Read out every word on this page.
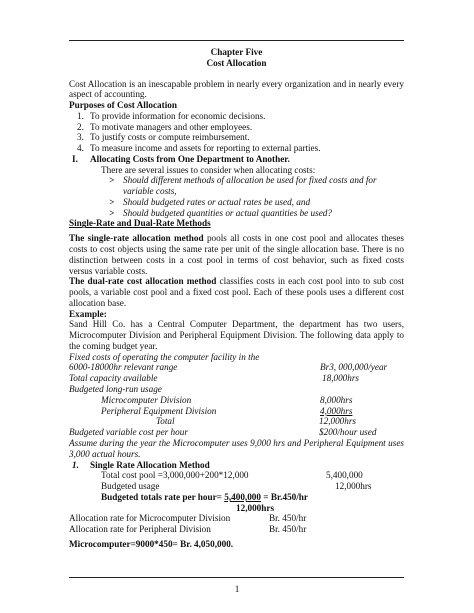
Chapter Five
Cost Allocation

Cost Allocation is an inescapable problem in nearly every organization and in nearly every aspect of accounting.

Purposes of Cost Allocation
1. To provide information for economic decisions.
2. To motivate managers and other employees.
3. To justify costs or compute reimbursement.
4. To measure income and assets for reporting to external parties.
I. Allocating Costs from One Department to Another.
There are several issues to consider when allocating costs:
> Should different methods of allocation be used for fixed costs and for variable costs,
> Should budgeted rates or actual rates be used, and
> Should budgeted quantities or actual quantities be used?
Single-Rate and Dual-Rate Methods

The single-rate allocation method pools all costs in one cost pool and allocates theses costs to cost objects using the same rate per unit of the single allocation base. There is no distinction between costs in a cost pool in terms of cost behavior, such as fixed costs versus variable costs.

The dual-rate cost allocation method classifies costs in each cost pool into to sub cost pools, a variable cost pool and a fixed cost pool. Each of these pools uses a different cost allocation base.

Example:

Sand Hill Co. has a Central Computer Department, the department has two users, Microcomputer Division and Peripheral Equipment Division. The following data apply to the coming budget year.

Fixed costs of operating the computer facility in the
6000-18000hr relevant range	Br3, 000,000/year
Total capacity available	18,000hrs
Budgeted long-run usage
Microcomputer Division	8,000hrs
Peripheral Equipment Division	4,000hrs
Total	12,000hrs
Budgeted variable cost per hour	$200/hour used

Assume during the year the Microcomputer uses 9,000 hrs and Peripheral Equipment uses 3,000 actual hours.

1. Single Rate Allocation Method
Total cost pool =3,000,000+200*12,000	5,400,000
Budgeted usage	12,000hrs
Budgeted totals rate per hour= 5,400,000 = Br.450/hr
12,000hrs
Allocation rate for Microcomputer Division	Br. 450/hr
Allocation rate for Peripheral Division	Br. 450/hr
Microcomputer=9000*450= Br. 4,050,000.
1
